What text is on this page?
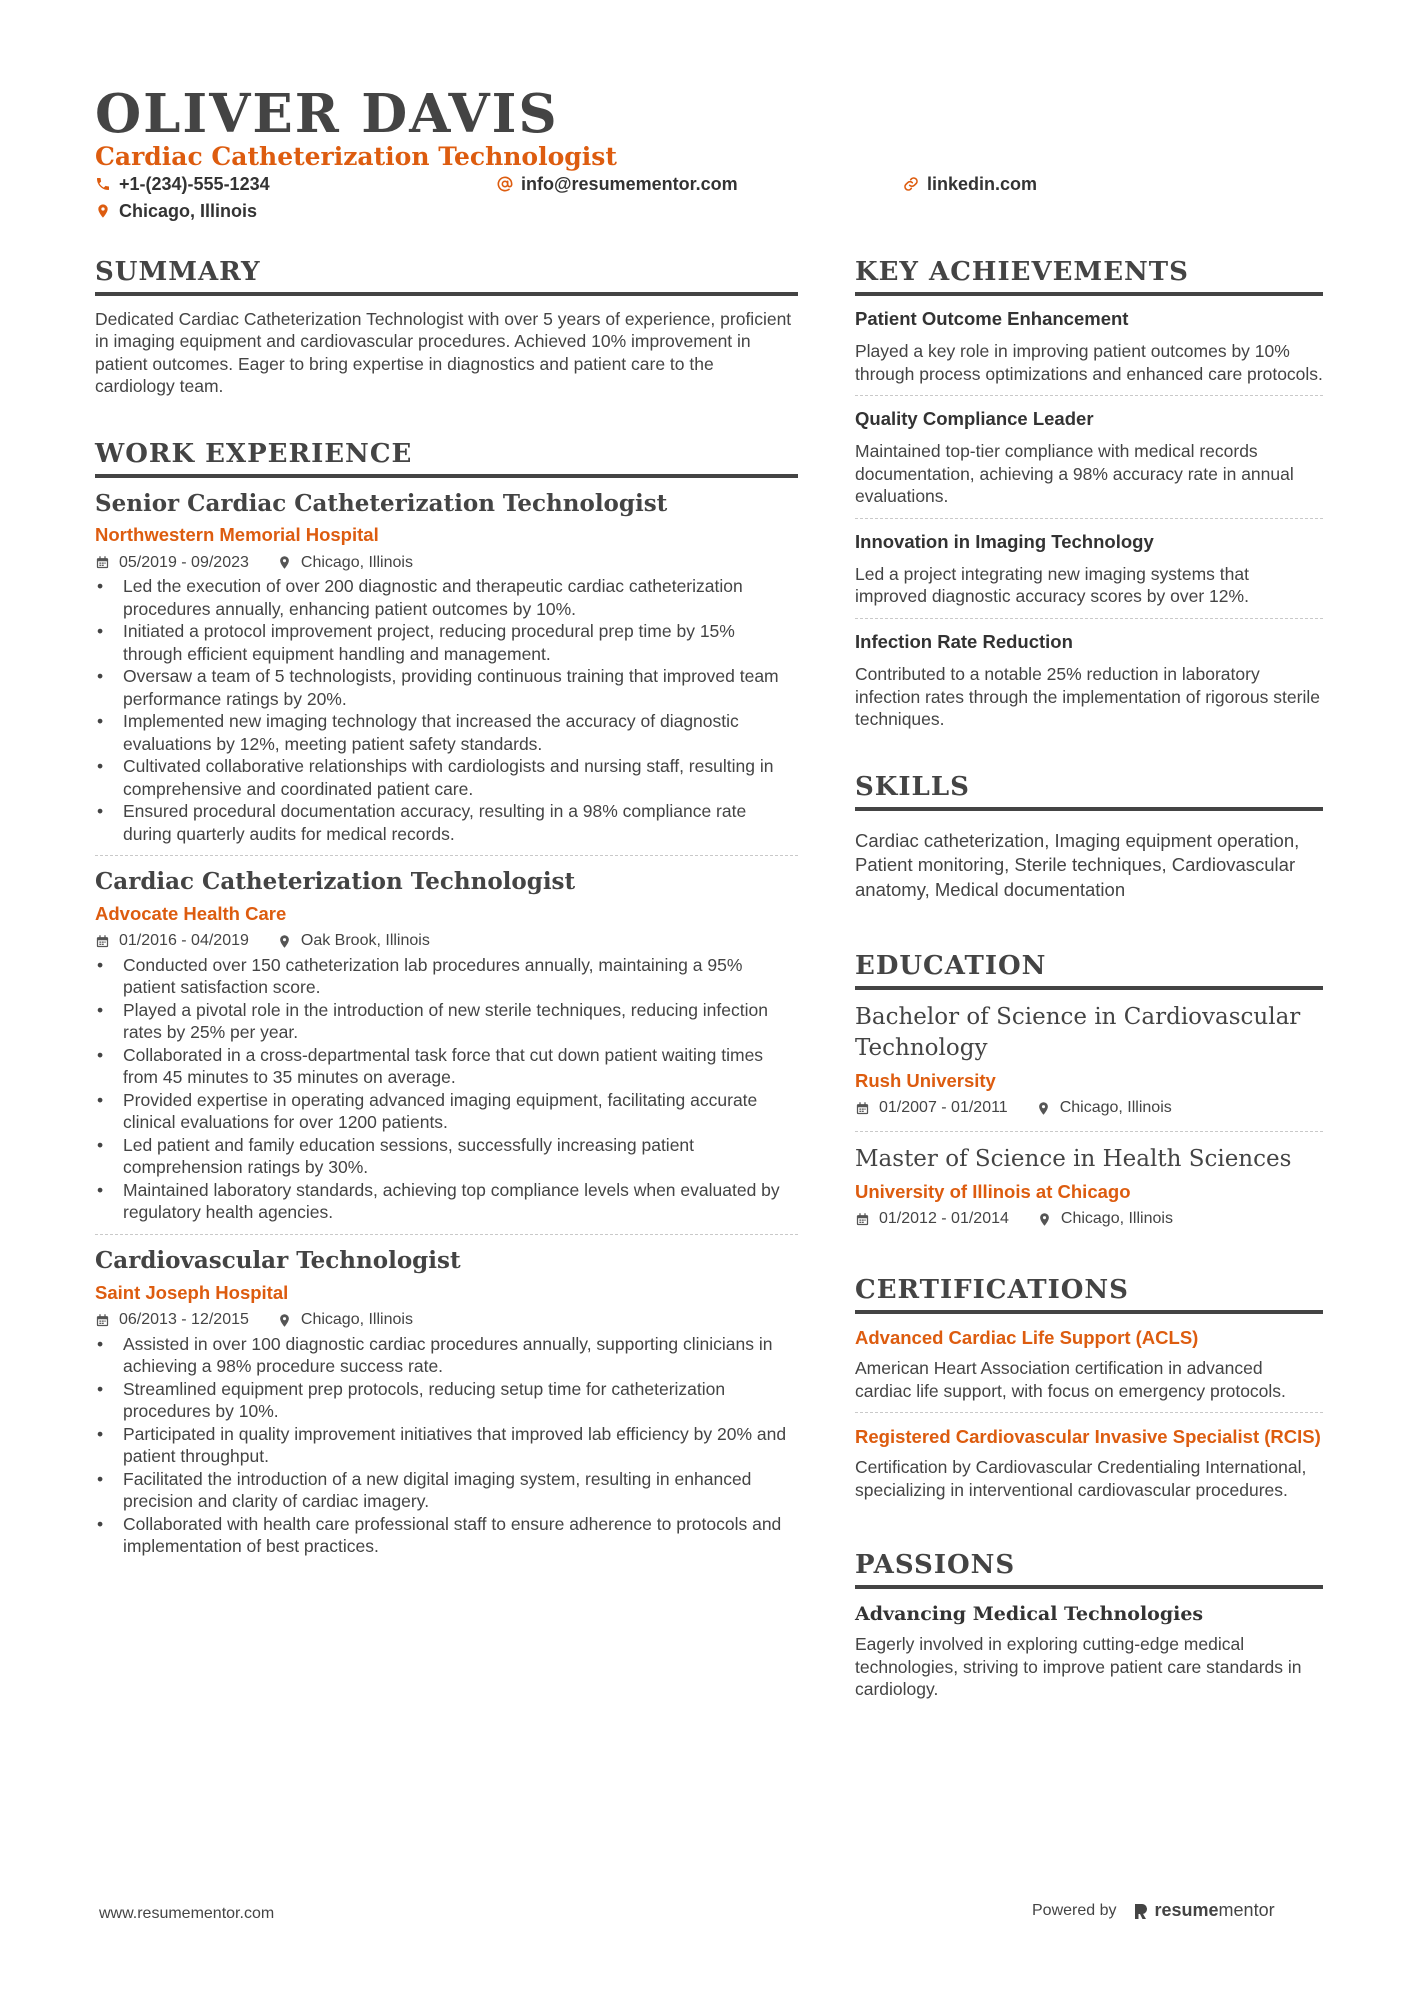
OLIVER DAVIS
Cardiac Catheterization Technologist
+1-(234)-555-1234	info@resumementor.com	linkedin.com
Chicago, Illinois
SUMMARY

Dedicated Cardiac Catheterization Technologist with over 5 years of experience, proficient in imaging equipment and cardiovascular procedures. Achieved 10% improvement in patient outcomes. Eager to bring expertise in diagnostics and patient care to the cardiology team.

WORK EXPERIENCE
Senior Cardiac Catheterization Technologist
Northwestern Memorial Hospital
05/2019 - 09/2023	Chicago, Illinois
• Led the execution of over 200 diagnostic and therapeutic cardiac catheterization procedures annually, enhancing patient outcomes by 10%.
• Initiated a protocol improvement project, reducing procedural prep time by 15% through efficient equipment handling and management.
• Oversaw a team of 5 technologists, providing continuous training that improved team performance ratings by 20%.
• Implemented new imaging technology that increased the accuracy of diagnostic evaluations by 12%, meeting patient safety standards.
• Cultivated collaborative relationships with cardiologists and nursing staff, resulting in comprehensive and coordinated patient care.
• Ensured procedural documentation accuracy, resulting in a 98% compliance rate during quarterly audits for medical records.
Cardiac Catheterization Technologist
Advocate Health Care
01/2016 - 04/2019	Oak Brook, Illinois
• Conducted over 150 catheterization lab procedures annually, maintaining a 95% patient satisfaction score.
• Played a pivotal role in the introduction of new sterile techniques, reducing infection rates by 25% per year.
• Collaborated in a cross-departmental task force that cut down patient waiting times from 45 minutes to 35 minutes on average.
• Provided expertise in operating advanced imaging equipment, facilitating accurate clinical evaluations for over 1200 patients.
• Led patient and family education sessions, successfully increasing patient comprehension ratings by 30%.
• Maintained laboratory standards, achieving top compliance levels when evaluated by regulatory health agencies.
Cardiovascular Technologist
Saint Joseph Hospital
06/2013 - 12/2015	Chicago, Illinois
• Assisted in over 100 diagnostic cardiac procedures annually, supporting clinicians in achieving a 98% procedure success rate.
• Streamlined equipment prep protocols, reducing setup time for catheterization procedures by 10%.
• Participated in quality improvement initiatives that improved lab efficiency by 20% and patient throughput.
• Facilitated the introduction of a new digital imaging system, resulting in enhanced precision and clarity of cardiac imagery.
• Collaborated with health care professional staff to ensure adherence to protocols and implementation of best practices.
KEY ACHIEVEMENTS
Patient Outcome Enhancement

Played a key role in improving patient outcomes by 10% through process optimizations and enhanced care protocols.

Quality Compliance Leader

Maintained top-tier compliance with medical records documentation, achieving a 98% accuracy rate in annual evaluations.

Innovation in Imaging Technology

Led a project integrating new imaging systems that improved diagnostic accuracy scores by over 12%.

Infection Rate Reduction

Contributed to a notable 25% reduction in laboratory infection rates through the implementation of rigorous sterile techniques.

SKILLS

Cardiac catheterization, Imaging equipment operation, Patient monitoring, Sterile techniques, Cardiovascular anatomy, Medical documentation

EDUCATION
Bachelor of Science in Cardiovascular Technology
Rush University
01/2007 - 01/2011	Chicago, Illinois
Master of Science in Health Sciences
University of Illinois at Chicago
01/2012 - 01/2014	Chicago, Illinois
CERTIFICATIONS
Advanced Cardiac Life Support (ACLS)

American Heart Association certification in advanced cardiac life support, with focus on emergency protocols.

Registered Cardiovascular Invasive Specialist (RCIS)

Certification by Cardiovascular Credentialing International, specializing in interventional cardiovascular procedures.

PASSIONS
Advancing Medical Technologies

Eagerly involved in exploring cutting-edge medical technologies, striving to improve patient care standards in cardiology.

www.resumementor.com	Powered by resumementor
